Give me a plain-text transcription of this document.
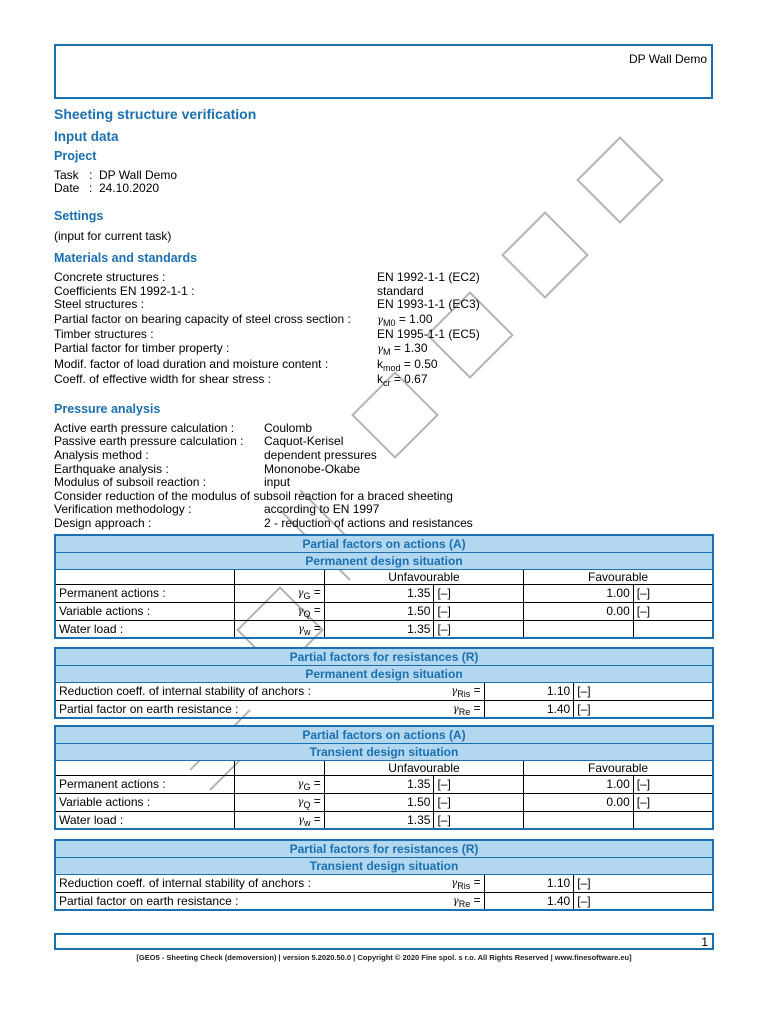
DP Wall Demo
Sheeting structure verification
Input data
Project
Task : DP Wall Demo
Date : 24.10.2020
Settings
(input for current task)
Materials and standards
Concrete structures :	EN 1992-1-1 (EC2)
Coefficients EN 1992-1-1 :	standard
Steel structures :	EN 1993-1-1 (EC3)
Partial factor on bearing capacity of steel cross section :	$\gamma_{M0} = 1.00$
Timber structures :	EN 1995-1-1 (EC5)
Partial factor for timber property :	$\gamma_M = 1.30$
Modif. factor of load duration and moisture content :	$k_{mod} = 0.50$
Coeff. of effective width for shear stress :	$k_{cr} = 0.67$
Pressure analysis
Active earth pressure calculation : Coulomb
Passive earth pressure calculation : Caquot-Kerisel
Analysis method :	dependent pressures
Earthquake analysis :	Mononobe-Okabe
Modulus of subsoil reaction :	input
Consider reduction of the modulus of subsoil reaction for a braced sheeting
Verification methodology :	according to EN 1997
Design approach :	2 - reduction of actions and resistances
Partial factors on actions (A)					
Permanent design situation					
		Unfavourable		Favourable	
Permanent actions :	$\gamma_G$ =	1.35	[–]	1.00	[–]
Variable actions :	$\gamma_Q$ =	1.50	[–]	0.00	[–]
Water load :	$\gamma_w$ =	1.35	[–]		
Partial factors for resistances (R)			
Permanent design situation			
Reduction coeff. of internal stability of anchors :	$\gamma_{Ris}$ =	1.10	[–]
Partial factor on earth resistance :	$\gamma_{Re}$ =	1.40	[–]
Partial factors on actions (A)					
Transient design situation					
		Unfavourable		Favourable	
Permanent actions :	$\gamma_G$ =	1.35	[–]	1.00	[–]
Variable actions :	$\gamma_Q$ =	1.50	[–]	0.00	[–]
Water load :	$\gamma_w$ =	1.35	[–]		
Partial factors for resistances (R)			
Transient design situation			
Reduction coeff. of internal stability of anchors :	$\gamma_{Ris}$ =	1.10	[–]
Partial factor on earth resistance :	$\gamma_{Re}$ =	1.40	[–]
1
[GEO5 - Sheeting Check (demoversion) | version 5.2020.50.0 | Copyright © 2020 Fine spol. s r.o. All Rights Reserved | www.finesoftware.eu]
